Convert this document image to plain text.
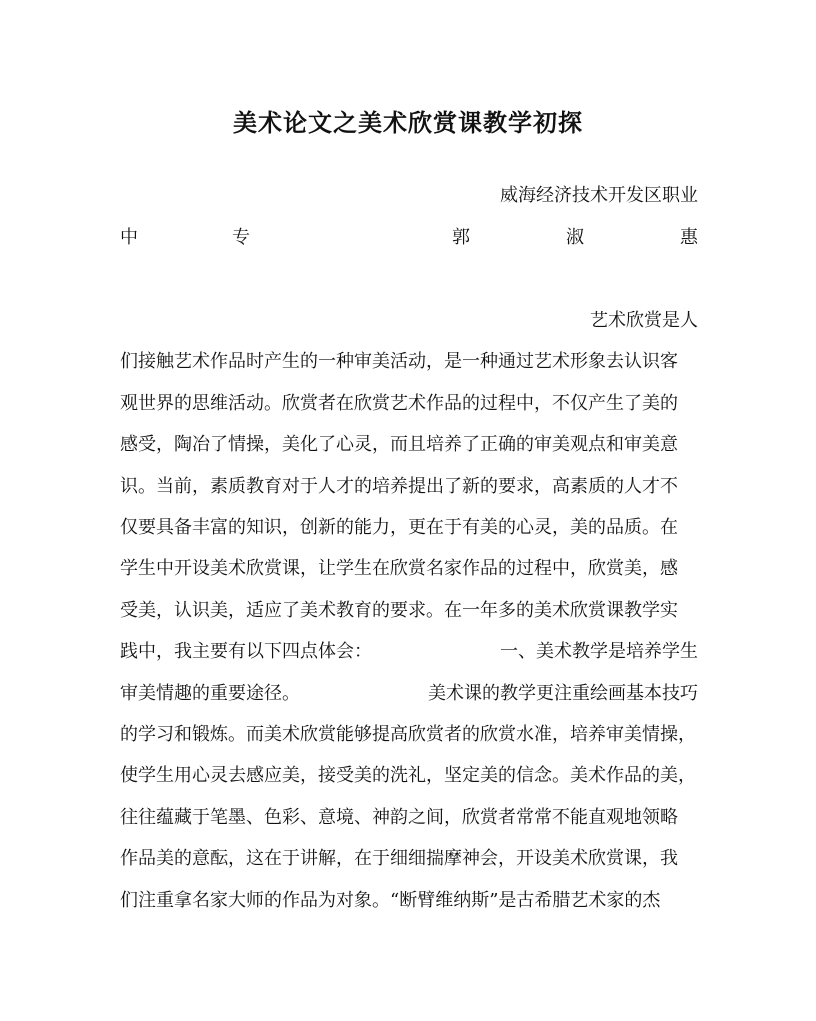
美术论文之美术欣赏课教学初探
威海经济技术开发区职业
中	专	郭	淑	惠
艺术欣赏是人
们接触艺术作品时产生的一种审美活动，是一种通过艺术形象去认识客
观世界的思维活动。欣赏者在欣赏艺术作品的过程中，不仅产生了美的
感受，陶冶了情操，美化了心灵，而且培养了正确的审美观点和审美意
识。当前，素质教育对于人才的培养提出了新的要求，高素质的人才不
仅要具备丰富的知识，创新的能力，更在于有美的心灵，美的品质。在
学生中开设美术欣赏课，让学生在欣赏名家作品的过程中，欣赏美，感
受美，认识美，适应了美术教育的要求。在一年多的美术欣赏课教学实
践中，我主要有以下四点体会：	一、美术教学是培养学生
审美情趣的重要途径。	美术课的教学更注重绘画基本技巧
的学习和锻炼。而美术欣赏能够提高欣赏者的欣赏水准，培养审美情操，
使学生用心灵去感应美，接受美的洗礼，坚定美的信念。美术作品的美，
往往蕴藏于笔墨、色彩、意境、神韵之间，欣赏者常常不能直观地领略
作品美的意酝，这在于讲解，在于细细揣摩神会，开设美术欣赏课，我
们注重拿名家大师的作品为对象。“断臂维纳斯”是古希腊艺术家的杰
